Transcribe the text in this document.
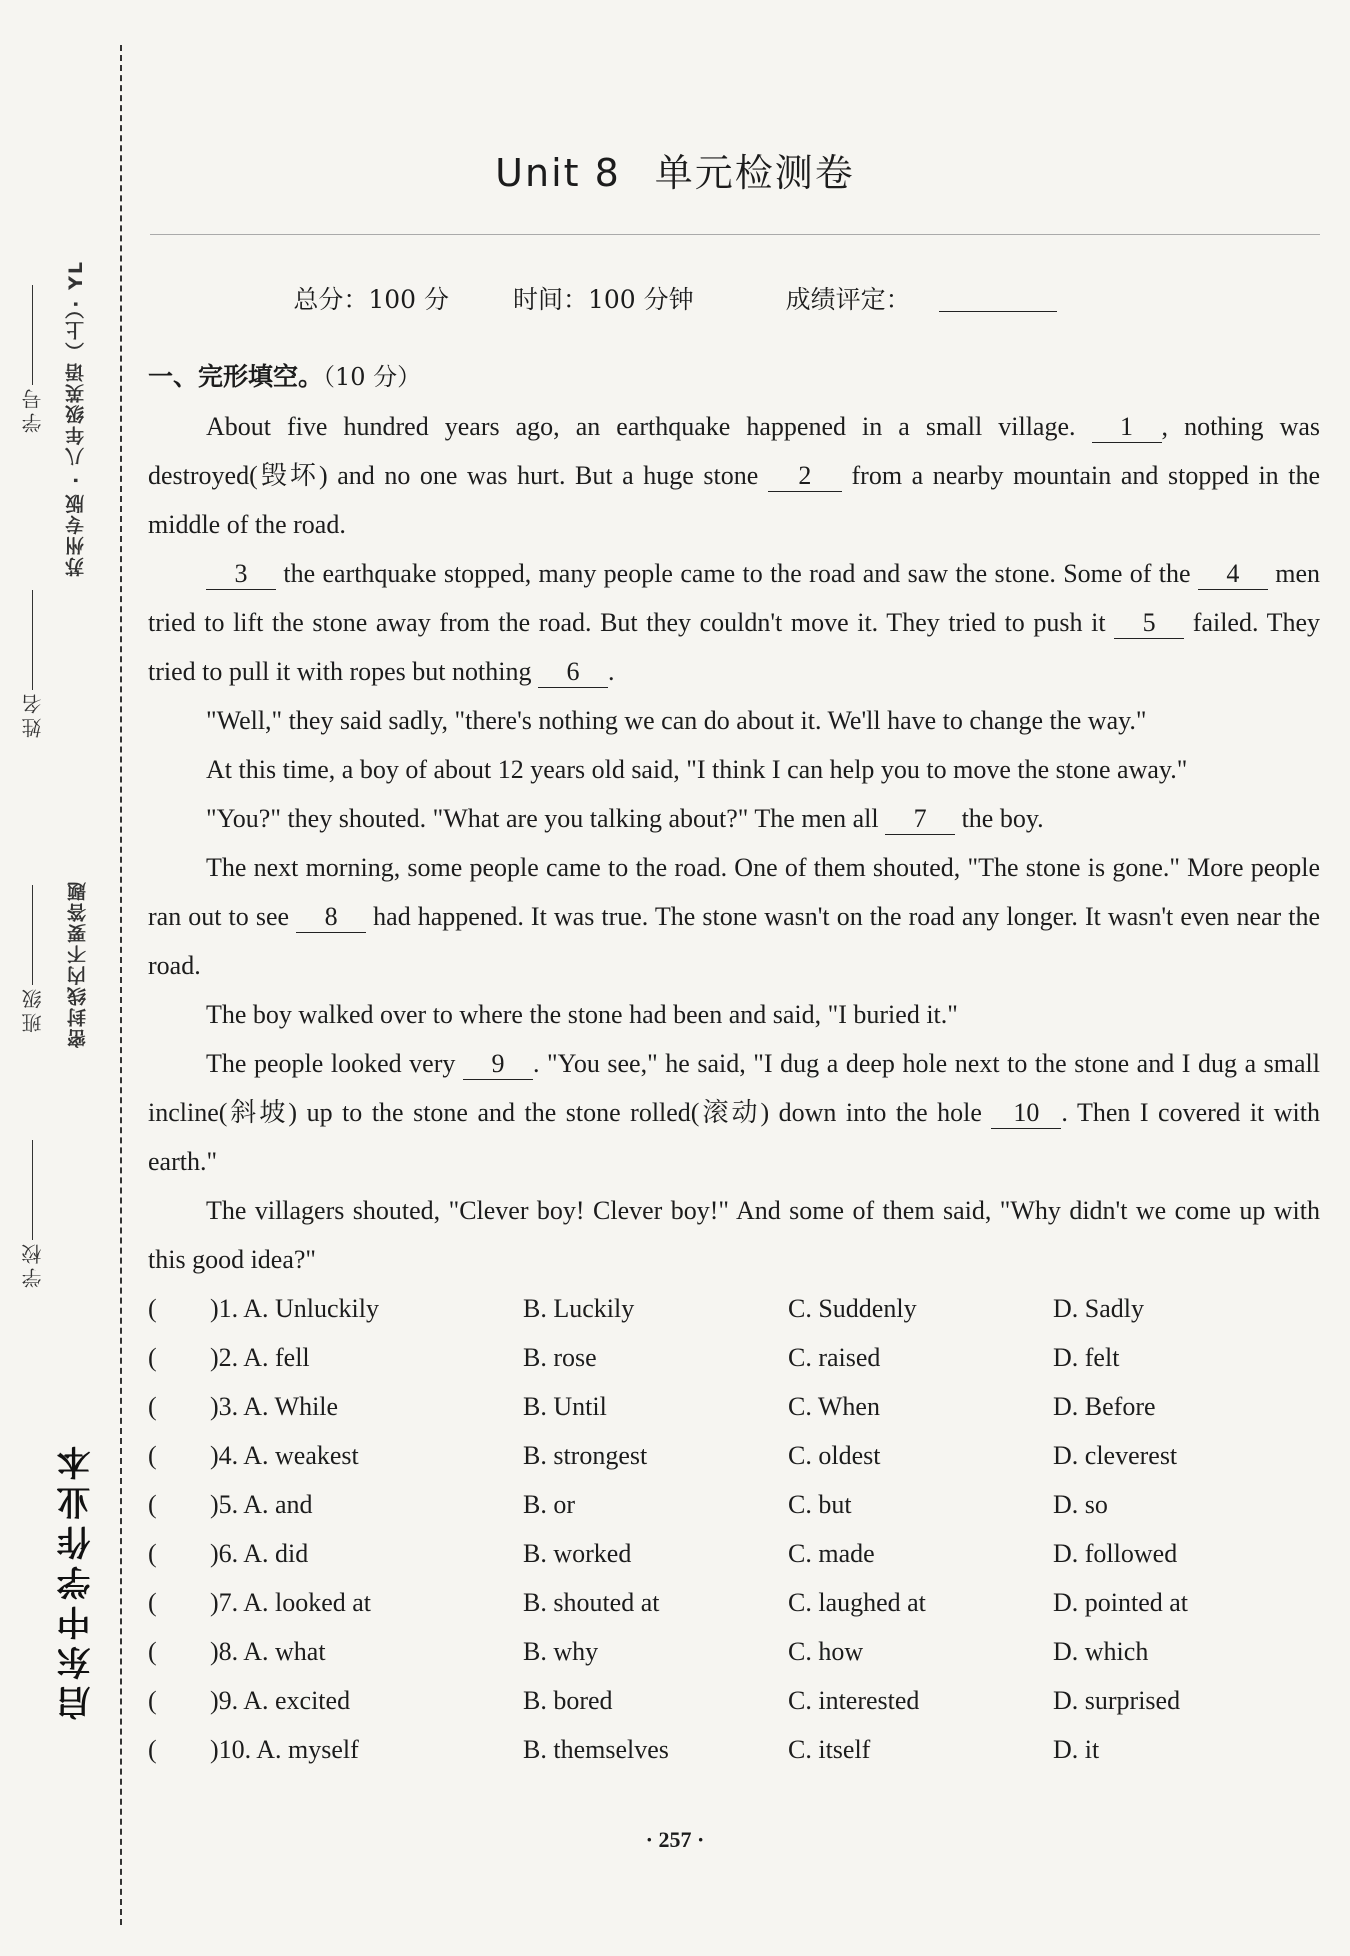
苏州专版 · 八年级英语（上）· YL
密封线内不要答题
学校
班级
姓名
学号
启东中学作业本
Unit 8 单元检测卷
总分：100 分	时间：100 分钟	成绩评定：
一、完形填空。（10 分）

About five hundred years ago, an earthquake happened in a small village. 1 , nothing was destroyed(毁坏) and no one was hurt. But a huge stone 2 from a nearby mountain and stopped in the middle of the road.

3 the earthquake stopped, many people came to the road and saw the stone. Some of the 4 men tried to lift the stone away from the road. But they couldn't move it. They tried to push it 5 failed. They tried to pull it with ropes but nothing 6 .

"Well," they said sadly, "there's nothing we can do about it. We'll have to change the way."

At this time, a boy of about 12 years old said, "I think I can help you to move the stone away."

"You?" they shouted. "What are you talking about?" The men all 7 the boy.

The next morning, some people came to the road. One of them shouted, "The stone is gone." More people ran out to see 8 had happened. It was true. The stone wasn't on the road any longer. It wasn't even near the road.

The boy walked over to where the stone had been and said, "I buried it."

The people looked very 9 . "You see," he said, "I dug a deep hole next to the stone and I dug a small incline(斜坡) up to the stone and the stone rolled(滚动) down into the hole 10 . Then I covered it with earth."

The villagers shouted, "Clever boy! Clever boy!" And some of them said, "Why didn't we come up with this good idea?"

(	)1. A. Unluckily	B. Luckily	C. Suddenly	D. Sadly
(	)2. A. fell	B. rose	C. raised	D. felt
(	)3. A. While	B. Until	C. When	D. Before
(	)4. A. weakest	B. strongest	C. oldest	D. cleverest
(	)5. A. and	B. or	C. but	D. so
(	)6. A. did	B. worked	C. made	D. followed
(	)7. A. looked at	B. shouted at	C. laughed at	D. pointed at
(	)8. A. what	B. why	C. how	D. which
(	)9. A. excited	B. bored	C. interested	D. surprised
(	)10. A. myself	B. themselves	C. itself	D. it
· 257 ·
